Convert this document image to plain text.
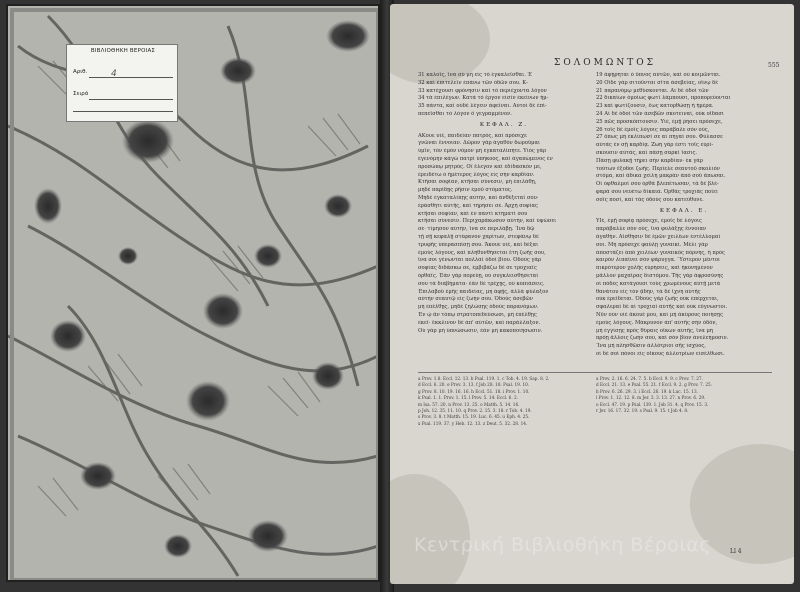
ΒΙΒΛΙΟΘΗΚΗ ΒΕΡΟΙΑΣ
Αριθ.	4
Σειρά
ΣΟΛΟΜΩΝΤΟΣ	555
31 καλοῖς, ἵνα σὺ μὴ εἰς τὸ ἐγκαλεῖσθαι. Ἐ
32 καὶ ἐπιτελεῖν ἐπάνω τῶν ὁδῶν σου. Κ-
33 κατέχουσι φρόνησιν καὶ τὸ περιέχοντα λόγον
34 τὰ ἐπιλέγων. Κατὰ τὸ ἔργον εἰσὶν ἐκείνων ἡμ-
35 πάντα, καὶ οὐδὲ λέγειν ἀφεῖναι. Αὐτοὶ δὲ ἐπὶ-
πεπεῖσθαι τὸ λόγον ὃ γεγραμμένον.
ΚΕΦΑΛ. Ζ.
ΑΚουε υἱὲ, παιδείαν πατρὸς, καὶ πρόσεχε
γνῶναι ἔννοιαν. Δῶρον γὰρ ἀγαθὸν δωροῦμαι
ὑμῖν, τὸν ἐμὸν νόμον μὴ ἐγκαταλίπητε. Υἱὸς γὰρ
ἐγενόμην κἀγὼ πατρὶ ὑπήκοος, καὶ ἀγαπώμενος ἐν
προσώπῳ μητρός. Οἳ ἔλεγον καὶ ἐδίδασκόν με,
ἐρειδέτω ὁ ἡμέτερος λόγος εἰς σὴν καρδίαν.
Κτῆσαι σοφίαν, κτῆσαι σύνεσιν, μὴ ἐπιλάθῃ,
μηδὲ παρίδῃς ῥῆσιν ἐμοῦ στόματος.
Μηδὲ ἐγκαταλίπῃς αὐτὴν, καὶ ἀνθέξεταί σου·
ἐράσθητι αὐτῆς, καὶ τηρήσει σε. Ἀρχὴ σοφίας
κτῆσαι σοφίαν, καὶ ἐν παντὶ κτήματί σου
κτῆσαι σύνεσιν. Περιχαράκωσον αὐτὴν, καὶ ὑψώσει
σε· τίμησον αὐτὴν, ἵνα σε περιλάβῃ. Ἵνα δῷ
τῇ σῇ κεφαλῇ στέφανον χαρίτων, στεφάνῳ δὲ
τρυφῆς ὑπερασπίσῃ σου. Ἄκουε υἱὲ, καὶ δέξαι
ἐμοὺς λόγους, καὶ πληθυνθήσεται ἔτη ζωῆς σου,
ἵνα σοι γένωνται πολλαὶ ὁδοὶ βίου. Ὁδοὺς γὰρ
σοφίας διδάσκω σε, ἐμβιβάζω δέ σε τροχιαῖς
ὀρθαῖς. Ἐὰν γὰρ πορεύῃ, οὐ συγκλεισθήσεταί
σου τὰ διαβήματα· ἐὰν δὲ τρέχῃς, οὐ κοπιάσεις.
Ἐπιλαβοῦ ἐμῆς παιδείας, μὴ ἀφῇς, ἀλλὰ φύλαξον
αὐτὴν σεαυτῷ εἰς ζωήν σου. Ὁδοὺς ἀσεβῶν
μὴ ἐπέλθῃς, μηδὲ ζηλώσῃς ὁδοὺς παρανόμων.
Ἐν ᾧ ἂν τόπῳ στρατοπεδεύσωσι, μὴ ἐπέλθῃς
ἐκεῖ· ἔκκλινον δὲ ἀπ' αὐτῶν, καὶ παράλλαξον.
Οὐ γὰρ μὴ ὑπνώσωσιν, ἐὰν μὴ κακοποιήσωσιν.
19 ἀφῄρηται ὁ ὕπνος αὐτῶν, καὶ οὐ κοιμῶνται.
20 Οἵδε γὰρ σιτοῦνται σῖτα ἀσεβείας, οἴνῳ δὲ
21 παρανόμῳ μεθύσκονται. Αἱ δὲ ὁδοὶ τῶν
22 δικαίων ὁμοίως φωτὶ λάμπουσι, προπορεύονται
23 καὶ φωτίζουσιν, ἕως κατορθώσῃ ἡ ἡμέρα.
24 Αἱ δὲ ὁδοὶ τῶν ἀσεβῶν σκοτειναί, οὐκ οἴδασι
25 πῶς προσκόπτουσιν. Υἱὲ, ἐμῇ ῥήσει πρόσεχε,
26 τοῖς δὲ ἐμοῖς λόγοις παράβαλε σὸν οὖς,
27 ὅπως μὴ ἐκλίπωσί σε αἱ πηγαί σου. Φύλασσε
αὐτὰς ἐν σῇ καρδίᾳ. Ζωὴ γάρ ἐστι τοῖς εὑρί-
σκουσιν αὐτὰς, καὶ πάσῃ σαρκὶ ἴασις.
Πάσῃ φυλακῇ τήρει σὴν καρδίαν· ἐκ γὰρ
τούτων ἔξοδοι ζωῆς. Περίελε σεαυτοῦ σκολιὸν
στόμα, καὶ ἄδικα χείλη μακρὰν ἀπὸ σοῦ ἄπωσαι.
Οἱ ὀφθαλμοί σου ὀρθὰ βλεπέτωσαν, τὰ δὲ βλέ-
φαρά σου νευέτω δίκαια. Ὀρθὰς τροχιὰς ποίει
σοῖς ποσί, καὶ τὰς ὁδούς σου κατεύθυνε.
ΚΕΦΑΛ. Ε.
ΥΙὲ, ἐμῇ σοφίᾳ πρόσεχε, ἐμοῖς δὲ λόγοις
παράβαλλε σὸν οὖς, ἵνα φυλάξῃς ἔννοιαν
ἀγαθήν. Αἴσθησιν δὲ ἐμῶν χειλέων ἐντέλλομαί
σοι. Μὴ πρόσεχε φαύλῃ γυναικί. Μέλι γὰρ
ἀποστάζει ἀπὸ χειλέων γυναικὸς πόρνης, ἣ πρὸς
καιρὸν λιπαίνει σὸν φάρυγγα. Ὕστερον μέντοι
πικρότερον χολῆς εὑρήσεις, καὶ ἠκονημένον
μᾶλλον μαχαίρας διστόμου. Τῆς γὰρ ἀφροσύνης
οἱ πόδες κατάγουσι τοὺς χρωμένους αὐτῇ μετὰ
θανάτου εἰς τὸν ᾅδην, τὰ δὲ ἴχνη αὐτῆς
οὐκ ἐρείδεται. Ὁδοὺς γὰρ ζωῆς οὐκ ἐπέρχεται,
σφαλεραὶ δὲ αἱ τροχιαὶ αὐτῆς καὶ οὐκ εὔγνωστοι.
Νῦν οὖν υἱὲ ἄκουέ μου, καὶ μὴ ἀκύρους ποιήσῃς
ἐμοὺς λόγους. Μάκρυνον ἀπ' αὐτῆς σὴν ὁδόν,
μὴ ἐγγίσῃς πρὸς θύραις οἴκων αὐτῆς, ἵνα μὴ
πρόῃ ἄλλοις ζωήν σου, καὶ σὸν βίον ἀνελεήμοσιν.
Ἵνα μὴ πλησθῶσιν ἀλλότριοι σῆς ἰσχύος,
οἱ δὲ σοὶ πόνοι εἰς οἴκους ἀλλοτρίων εἰσέλθωσι.
a Prov. 1.8. Eccl. 12. 13. b Psal. 119. 1. c Tob. 4. 19. Sap. 8. 2.
d Eccl. 6. 20. e Prov. 3. 13. f Job 28. 18. Psal. 19. 10.
g Prov. 8. 10. 19. 16. 16. h Eccl. 51. 18. i Prov. 1. 10.
k Psal. 1. 1. Prov. 1. 15. l Prov. 5. 14. Eccl. 6. 2.
m Isa. 57. 20. n Prov. 13. 25. o Matth. 5. 14. 16.
p Joh. 12. 35. 11. 10. q Prov. 2. 15. 3. 18. r Tob. 4. 19.
s Prov. 3. 8. t Matth. 15. 19. Luc. 6. 45. u Eph. 4. 25.
x Psal. 119. 37. y Heb. 12. 13. z Deut. 5. 32. 28. 14.
a Prov. 2. 16. 6. 24. 7. 5. b Eccl. 9. 9. c Prov. 7. 27.
d Eccl. 21. 13. e Psal. 55. 21. f Eccl. 9. 2. g Prov. 7. 25.
h Prov. 6. 26. 29. 3. i Eccl. 26. 19. k Luc. 15. 13.
l Prov. 1. 12. 12. 8. m Jer. 3. 3. 13. 27. n Prov. 6. 29.
o Eccl. 47. 19. p Psal. 139. 1. Job 31. 4. q Prov. 15. 3.
r Jer. 16. 17. 32. 19. s Psal. 9. 15. t Job 4. 8.
Ll 4
Κεντρική Βιβλιοθήκη Βέροιας
